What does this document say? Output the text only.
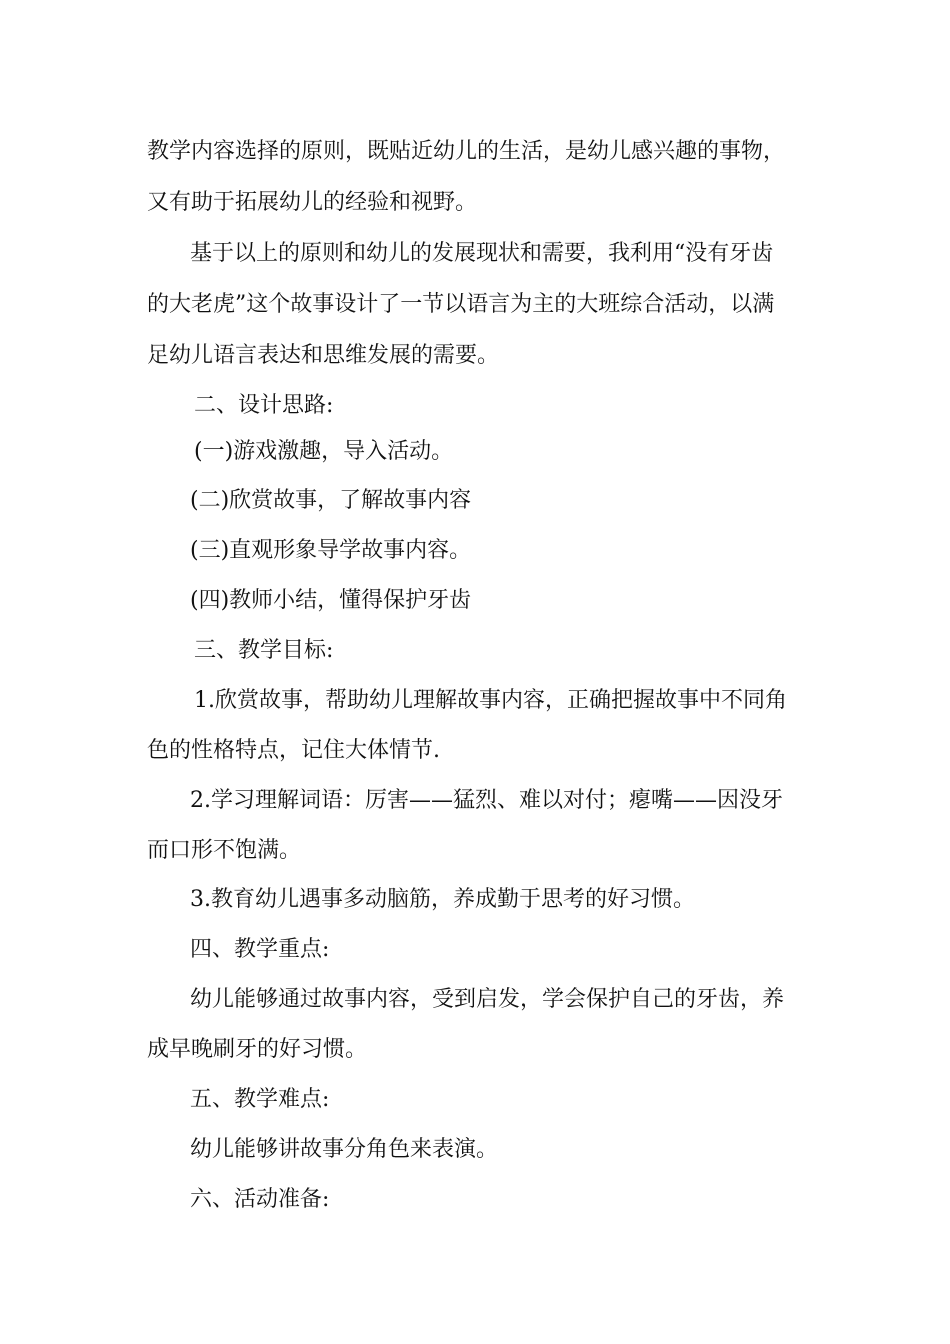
教学内容选择的原则，既贴近幼儿的生活，是幼儿感兴趣的事物，
又有助于拓展幼儿的经验和视野。
基于以上的原则和幼儿的发展现状和需要，我利用“没有牙齿
的大老虎”这个故事设计了一节以语言为主的大班综合活动，以满
足幼儿语言表达和思维发展的需要。
二、设计思路:
(一)游戏激趣，导入活动。
(二)欣赏故事，了解故事内容
(三)直观形象导学故事内容。
(四)教师小结，懂得保护牙齿
三、教学目标:
1.欣赏故事，帮助幼儿理解故事内容，正确把握故事中不同角
色的性格特点，记住大体情节.
2.学习理解词语：厉害——猛烈、难以对付；瘪嘴——因没牙
而口形不饱满。
3.教育幼儿遇事多动脑筋，养成勤于思考的好习惯。
四、教学重点:
幼儿能够通过故事内容，受到启发，学会保护自己的牙齿，养
成早晚刷牙的好习惯。
五、教学难点:
幼儿能够讲故事分角色来表演。
六、活动准备:
